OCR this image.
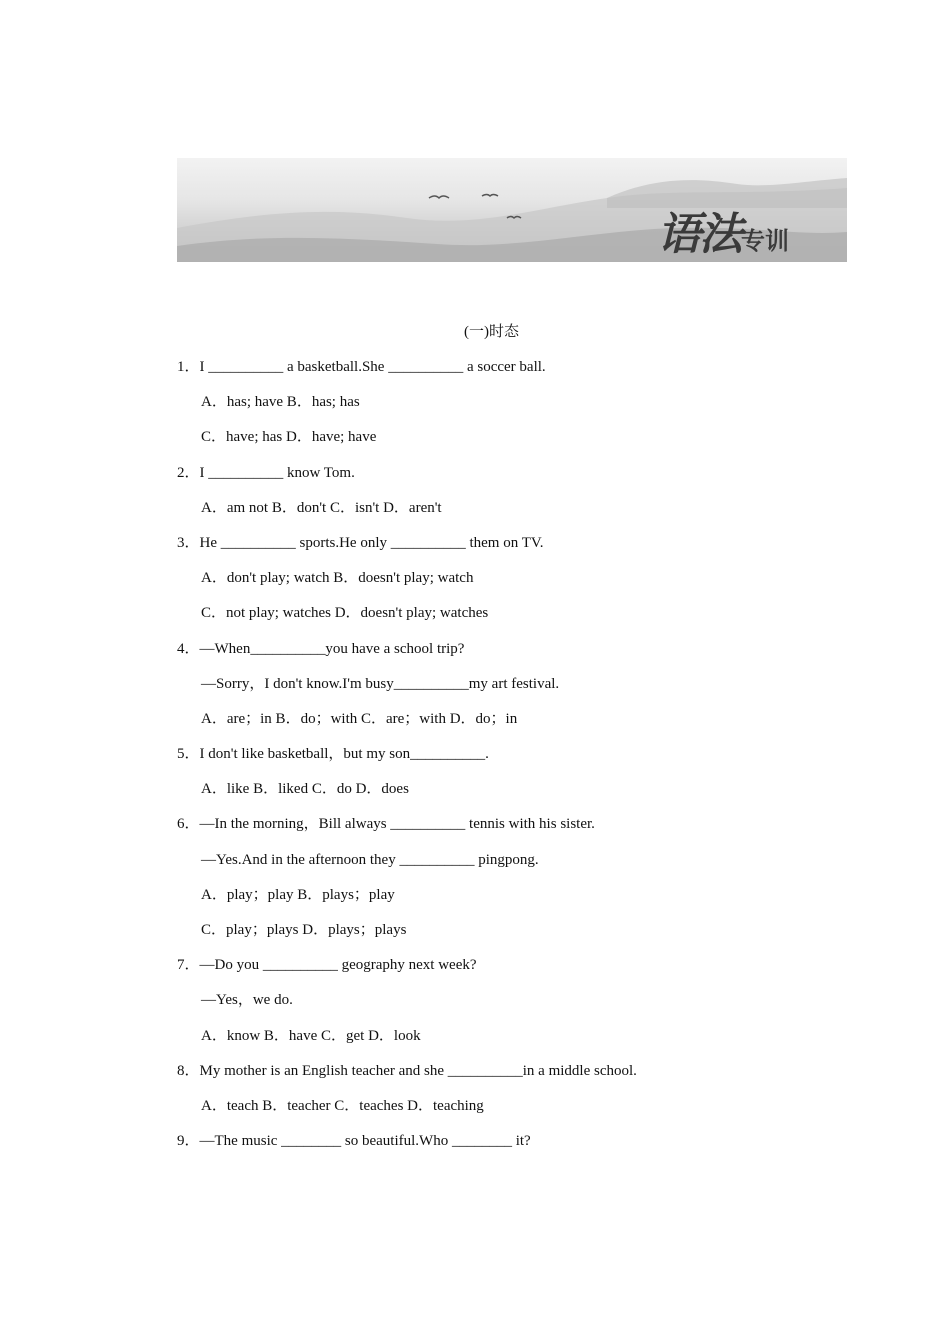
语法专训
(一)时态
1．I __________ a basketball.She __________ a soccer ball.
A．has; have B．has; has
C．have; has D．have; have
2．I __________ know Tom.
A．am not B．don't C．isn't D．aren't
3．He __________ sports.He only __________ them on TV.
A．don't play; watch B．doesn't play; watch
C．not play; watches D．doesn't play; watches
4．—When__________you have a school trip?
—Sorry，I don't know.I'm busy__________my art festival.
A．are；in B．do；with C．are；with D．do；in
5．I don't like basketball，but my son__________.
A．like B．liked C．do D．does
6．—In the morning，Bill always __________ tennis with his sister.
—Yes.And in the afternoon they __________ pingpong.
A．play；play B．plays；play
C．play；plays D．plays；plays
7．—Do you __________ geography next week?
—Yes，we do.
A．know B．have C．get D．look
8．My mother is an English teacher and she __________in a middle school.
A．teach B．teacher C．teaches D．teaching
9．—The music ________ so beautiful.Who ________ it?
